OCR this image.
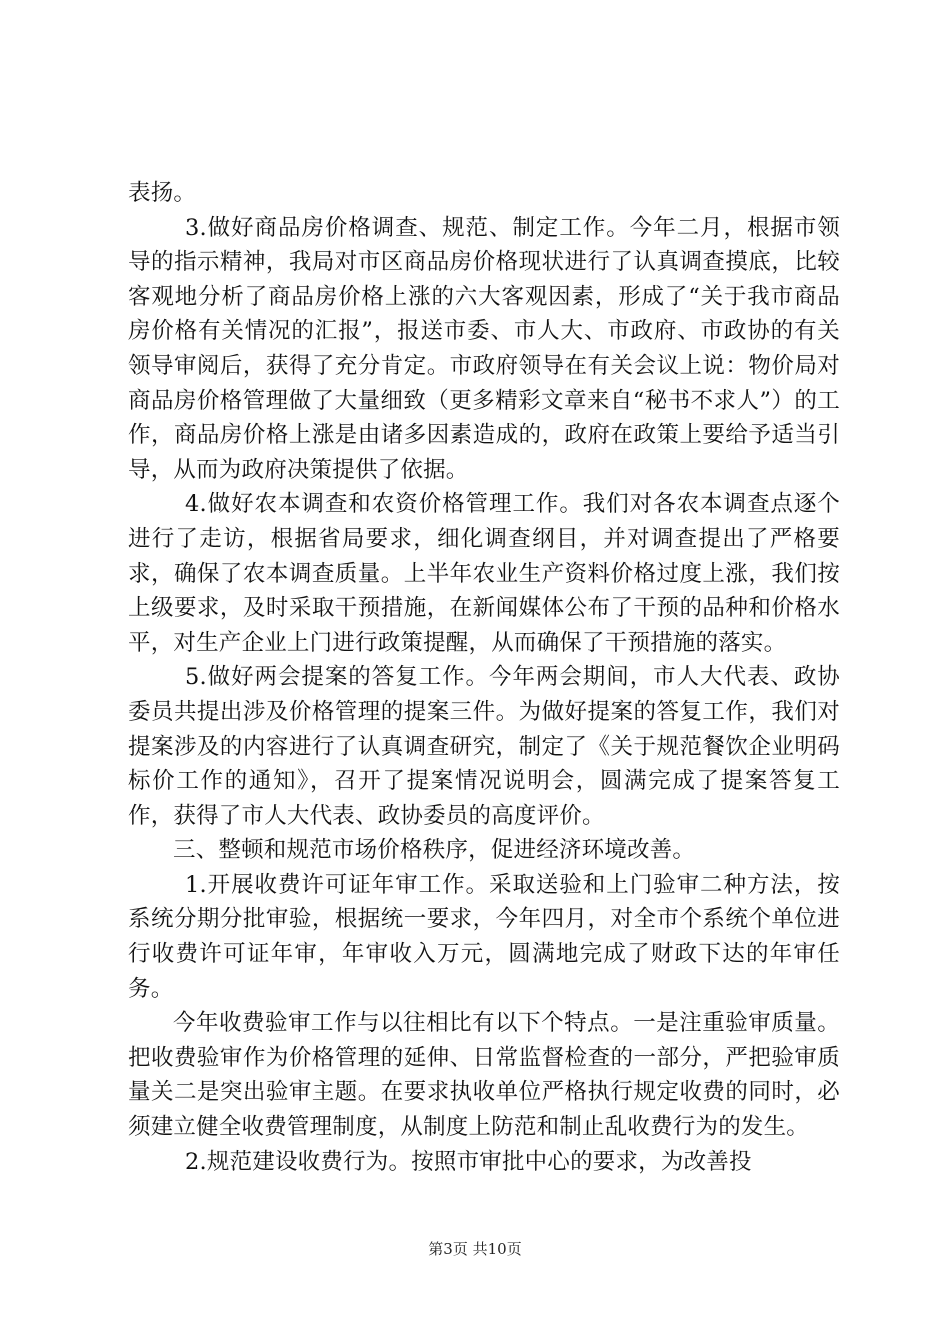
表扬。

3.做好商品房价格调查、规范、制定工作。今年二月，根据市领导的指示精神，我局对市区商品房价格现状进行了认真调查摸底，比较客观地分析了商品房价格上涨的六大客观因素，形成了“关于我市商品房价格有关情况的汇报”，报送市委、市人大、市政府、市政协的有关领导审阅后，获得了充分肯定。市政府领导在有关会议上说：物价局对商品房价格管理做了大量细致（更多精彩文章来自“秘书不求人”）的工作，商品房价格上涨是由诸多因素造成的，政府在政策上要给予适当引导，从而为政府决策提供了依据。

4.做好农本调查和农资价格管理工作。我们对各农本调查点逐个进行了走访，根据省局要求，细化调查纲目，并对调查提出了严格要求，确保了农本调查质量。上半年农业生产资料价格过度上涨，我们按上级要求，及时采取干预措施，在新闻媒体公布了干预的品种和价格水平，对生产企业上门进行政策提醒，从而确保了干预措施的落实。

5.做好两会提案的答复工作。今年两会期间，市人大代表、政协委员共提出涉及价格管理的提案三件。为做好提案的答复工作，我们对提案涉及的内容进行了认真调查研究，制定了《关于规范餐饮企业明码标价工作的通知》，召开了提案情况说明会，圆满完成了提案答复工作，获得了市人大代表、政协委员的高度评价。

三、整顿和规范市场价格秩序，促进经济环境改善。

1.开展收费许可证年审工作。采取送验和上门验审二种方法，按系统分期分批审验，根据统一要求，今年四月，对全市个系统个单位进行收费许可证年审，年审收入万元，圆满地完成了财政下达的年审任务。

今年收费验审工作与以往相比有以下个特点。一是注重验审质量。把收费验审作为价格管理的延伸、日常监督检查的一部分，严把验审质量关二是突出验审主题。在要求执收单位严格执行规定收费的同时，必须建立健全收费管理制度，从制度上防范和制止乱收费行为的发生。

2.规范建设收费行为。按照市审批中心的要求，为改善投

第3页 共10页
